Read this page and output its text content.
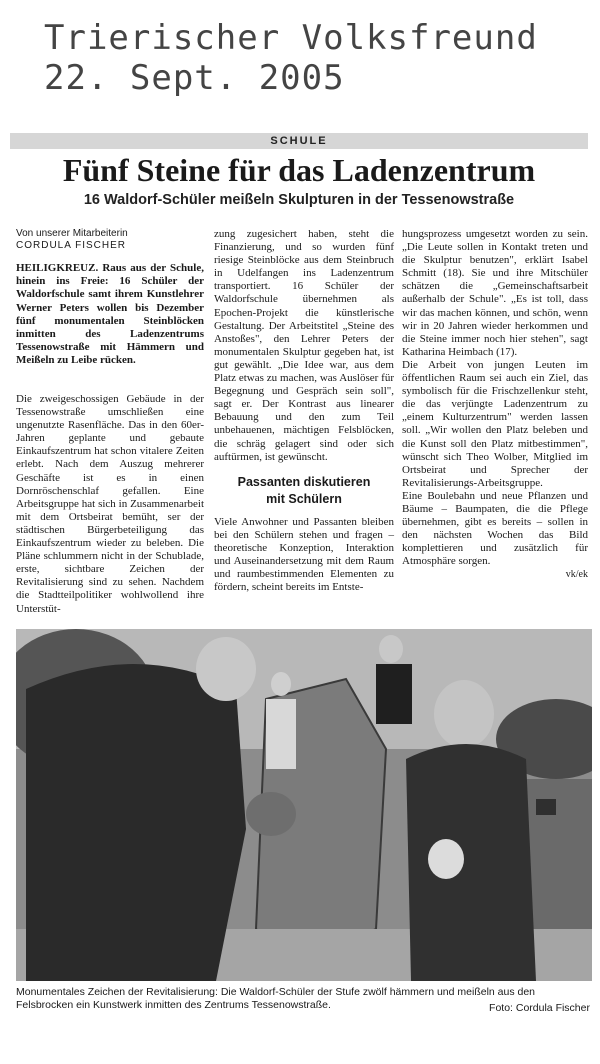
Trierischer Volksfreund
22. Sept. 2005
SCHULE
Fünf Steine für das Ladenzentrum
16 Waldorf-Schüler meißeln Skulpturen in der Tessenowstraße
Von unserer Mitarbeiterin
CORDULA FISCHER
HEILIGKREUZ. Raus aus der Schule, hinein ins Freie: 16 Schüler der Waldorfschule samt ihrem Kunstlehrer Werner Peters wollen bis Dezember fünf monumentalen Steinblöcken inmitten des Ladenzentrums Tessenowstraße mit Hämmern und Meißeln zu Leibe rücken.

Die zweigeschossigen Gebäude in der Tessenowstraße umschließen eine ungenutzte Rasenfläche. Das in den 60er-Jahren geplante und gebaute Einkaufszentrum hat schon vitalere Zeiten erlebt. Nach dem Auszug mehrerer Geschäfte ist es in einen Dornröschenschlaf gefallen. Eine Arbeitsgruppe hat sich in Zusammenarbeit mit dem Ortsbeirat bemüht, ser der städtischen Bürgerbeteiligung das Einkaufszentrum wieder zu beleben. Die Pläne schlummern nicht in der Schublade, erste, sichtbare Zeichen der Revitalisierung sind zu sehen. Nachdem die Stadtteilpolitiker wohlwollend ihre Unterstüt-

zung zugesichert haben, steht die Finanzierung, und so wurden fünf riesige Steinblöcke aus dem Steinbruch in Udelfangen ins Ladenzentrum transportiert. 16 Schüler der Waldorfschule übernehmen als Epochen-Projekt die künstlerische Gestaltung. Der Arbeitstitel „Steine des Anstoßes", den Lehrer Peters der monumentalen Skulptur gegeben hat, ist gut gewählt. „Die Idee war, aus dem Platz etwas zu machen, was Auslöser für Begegnung und Gespräch sein soll", sagt er. Der Kontrast aus linearer Bebauung und den zum Teil unbehauenen, mächtigen Felsblöcken, die schräg gelagert sind oder sich auftürmen, ist gewünscht.

Passanten diskutieren
mit Schülern

Viele Anwohner und Passanten bleiben bei den Schülern stehen und fragen – theoretische Konzeption, Interaktion und Auseinandersetzung mit dem Raum und raumbestimmenden Elementen zu fördern, scheint bereits im Entste-

hungsprozess umgesetzt worden zu sein. „Die Leute sollen in Kontakt treten und die Skulptur benutzen", erklärt Isabel Schmitt (18). Sie und ihre Mitschüler schätzen die „Gemeinschaftsarbeit außerhalb der Schule". „Es ist toll, dass wir das machen können, und schön, wenn wir in 20 Jahren wieder herkommen und die Steine immer noch hier stehen", sagt Katharina Heimbach (17).

Die Arbeit von jungen Leuten im öffentlichen Raum sei auch ein Ziel, das symbolisch für die Frischzellenkur steht, die das verjüngte Ladenzentrum zu „einem Kulturzentrum" werden lassen soll. „Wir wollen den Platz beleben und die Kunst soll den Platz mitbestimmen", wünscht sich Theo Wolber, Mitglied im Ortsbeirat und Sprecher der Revitalisierungs-Arbeitsgruppe.

Eine Boulebahn und neue Pflanzen und Bäume – Baumpaten, die die Pflege übernehmen, gibt es bereits – sollen in den nächsten Wochen das Bild komplettieren und zusätzlich für Atmosphäre sorgen.

vk/ek
Monumentales Zeichen der Revitalisierung: Die Waldorf-Schüler der Stufe zwölf hämmern und meißeln aus den Felsbrocken ein Kunstwerk inmitten des Zentrums Tessenowstraße.	Foto: Cordula Fischer
